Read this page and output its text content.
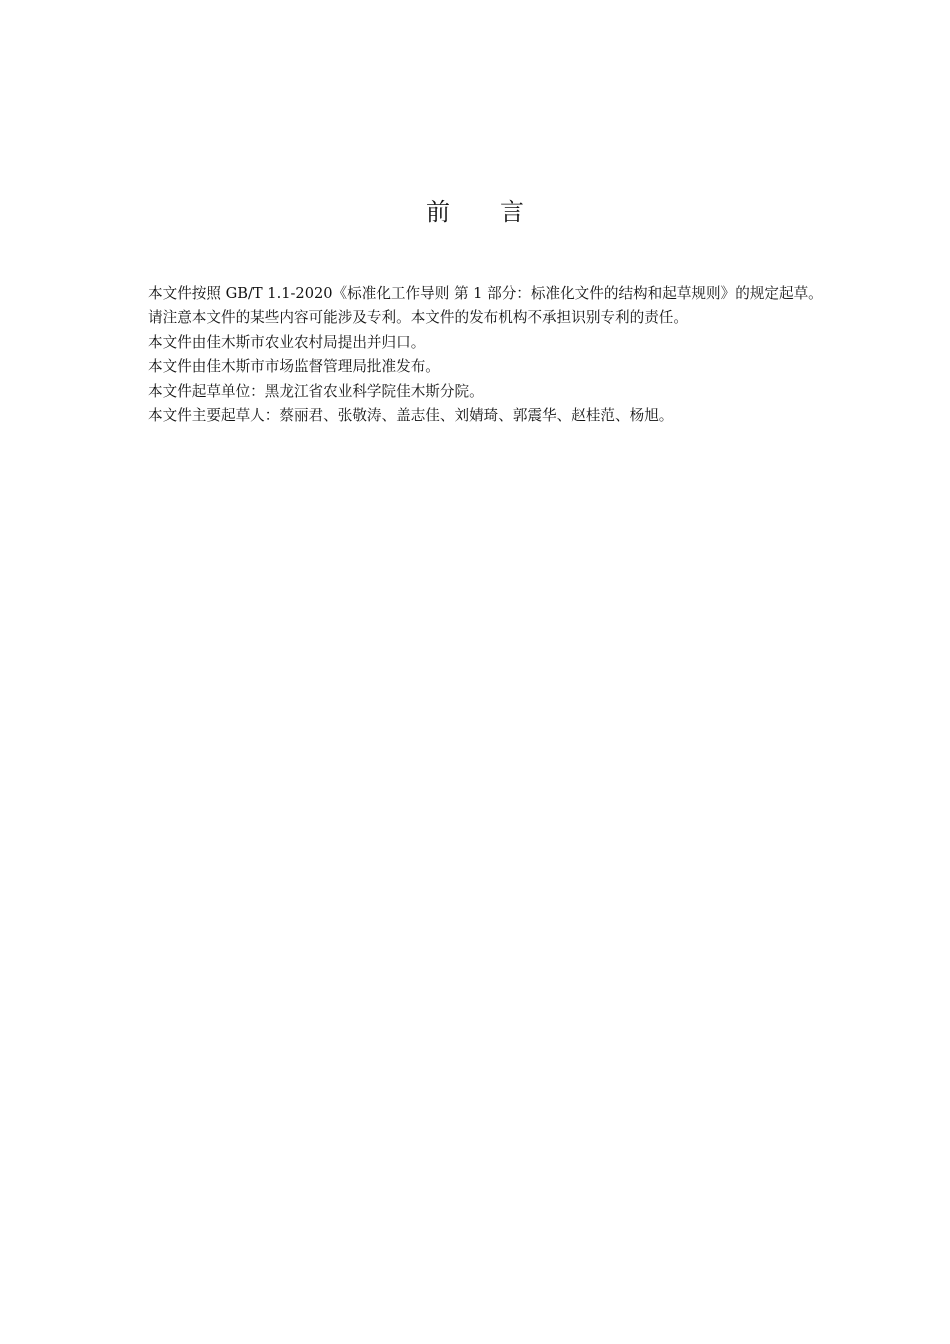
前 言

本文件按照 GB/T 1.1-2020《标准化工作导则 第 1 部分：标准化文件的结构和起草规则》的规定起草。

请注意本文件的某些内容可能涉及专利。本文件的发布机构不承担识别专利的责任。

本文件由佳木斯市农业农村局提出并归口。

本文件由佳木斯市市场监督管理局批准发布。

本文件起草单位：黑龙江省农业科学院佳木斯分院。

本文件主要起草人：蔡丽君、张敬涛、盖志佳、刘婧琦、郭震华、赵桂范、杨旭。
